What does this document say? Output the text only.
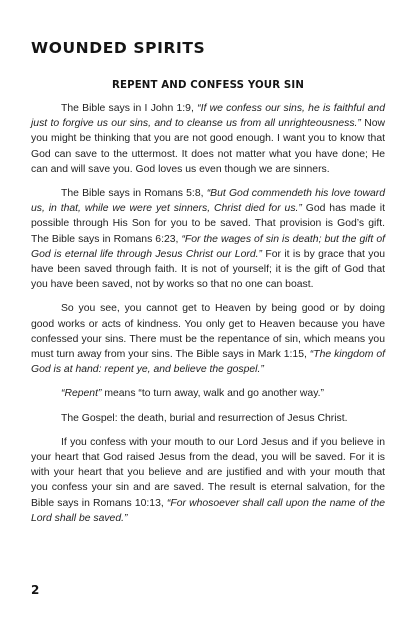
WOUNDED SPIRITS
REPENT AND CONFESS YOUR SIN

The Bible says in I John 1:9, “If we confess our sins, he is faithful and just to forgive us our sins, and to cleanse us from all unrighteousness.” Now you might be thinking that you are not good enough. I want you to know that God can save to the uttermost. It does not matter what you have done; He can and will save you. God loves us even though we are sinners.

The Bible says in Romans 5:8, “But God commendeth his love toward us, in that, while we were yet sinners, Christ died for us.” God has made it possible through His Son for you to be saved. That provision is God’s gift. The Bible says in Romans 6:23, “For the wages of sin is death; but the gift of God is eternal life through Jesus Christ our Lord.” For it is by grace that you have been saved through faith. It is not of yourself; it is the gift of God that you have been saved, not by works so that no one can boast.

So you see, you cannot get to Heaven by being good or by doing good works or acts of kindness. You only get to Heaven because you have confessed your sins. There must be the repentance of sin, which means you must turn away from your sins. The Bible says in Mark 1:15, “The kingdom of God is at hand: repent ye, and believe the gospel.”

“Repent” means “to turn away, walk and go another way.”

The Gospel: the death, burial and resurrection of Jesus Christ.

If you confess with your mouth to our Lord Jesus and if you believe in your heart that God raised Jesus from the dead, you will be saved. For it is with your heart that you believe and are justified and with your mouth that you confess your sin and are saved. The result is eternal salvation, for the Bible says in Romans 10:13, “For whosoever shall call upon the name of the Lord shall be saved.”

2
